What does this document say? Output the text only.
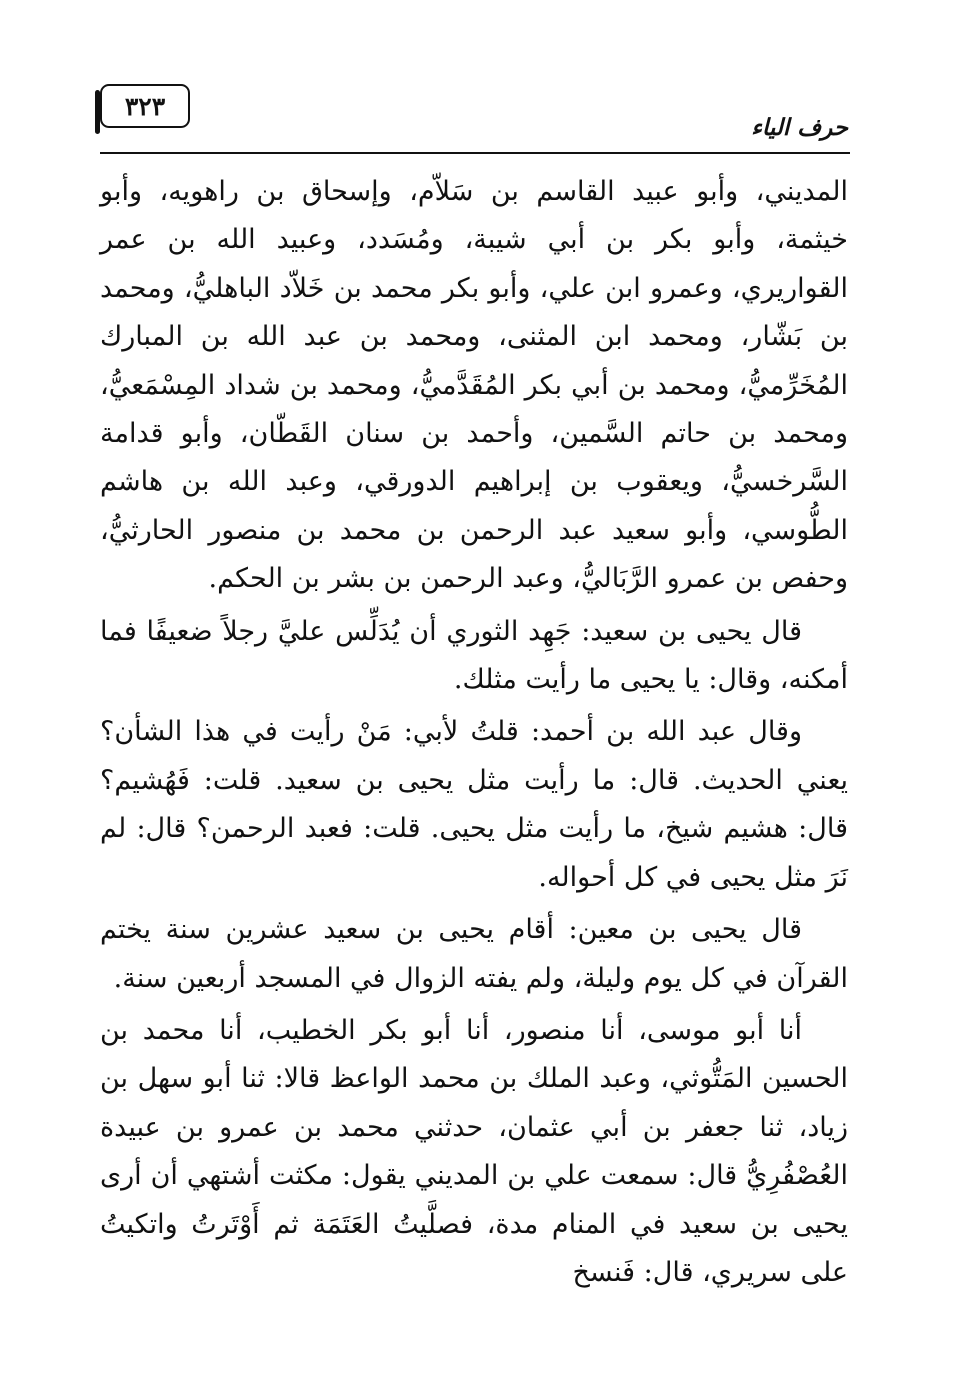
٣٢٣
حرف الياء

المديني، وأبو عبيد القاسم بن سَلاّم، وإسحاق بن راهويه، وأبو خيثمة، وأبو بكر بن أبي شيبة، ومُسَدد، وعبيد الله بن عمر القواريري، وعمرو ابن علي، وأبو بكر محمد بن خَلاّد الباهليُّ، ومحمد بن بَشّار، ومحمد ابن المثنى، ومحمد بن عبد الله بن المبارك المُخَرِّميُّ، ومحمد بن أبي بكر المُقَدَّميُّ، ومحمد بن شداد المِسْمَعيُّ، ومحمد بن حاتم السَّمين، وأحمد بن سنان القَطّان، وأبو قدامة السَّرخسيُّ، ويعقوب بن إبراهيم الدورقي، وعبد الله بن هاشم الطُّوسي، وأبو سعيد عبد الرحمن بن محمد بن منصور الحارثيُّ، وحفص بن عمرو الرَّبَاليُّ، وعبد الرحمن بن بشر بن الحكم.

قال يحيى بن سعيد: جَهِد الثوري أن يُدَلِّس عليَّ رجلاً ضعيفًا فما أمكنه، وقال: يا يحيى ما رأيت مثلك.

وقال عبد الله بن أحمد: قلتُ لأبي: مَنْ رأيت في هذا الشأن؟ يعني الحديث. قال: ما رأيت مثل يحيى بن سعيد. قلت: فَهُشيم؟ قال: هشيم شيخ، ما رأيت مثل يحيى. قلت: فعبد الرحمن؟ قال: لم نَرَ مثل يحيى في كل أحواله.

قال يحيى بن معين: أقام يحيى بن سعيد عشرين سنة يختم القرآن في كل يوم وليلة، ولم يفته الزوال في المسجد أربعين سنة.

أنا أبو موسى، أنا منصور، أنا أبو بكر الخطيب، أنا محمد بن الحسين المَتُّوثي، وعبد الملك بن محمد الواعظ قالا: ثنا أبو سهل بن زياد، ثنا جعفر بن أبي عثمان، حدثني محمد بن عمرو بن عبيدة العُصْفُرِيُّ قال: سمعت علي بن المديني يقول: مكثت أشتهي أن أرى يحيى بن سعيد في المنام مدة، فصلَّيتُ العَتَمَة ثم أَوْتَرتُ واتكيتُ على سريري، قال: فَنسخ
